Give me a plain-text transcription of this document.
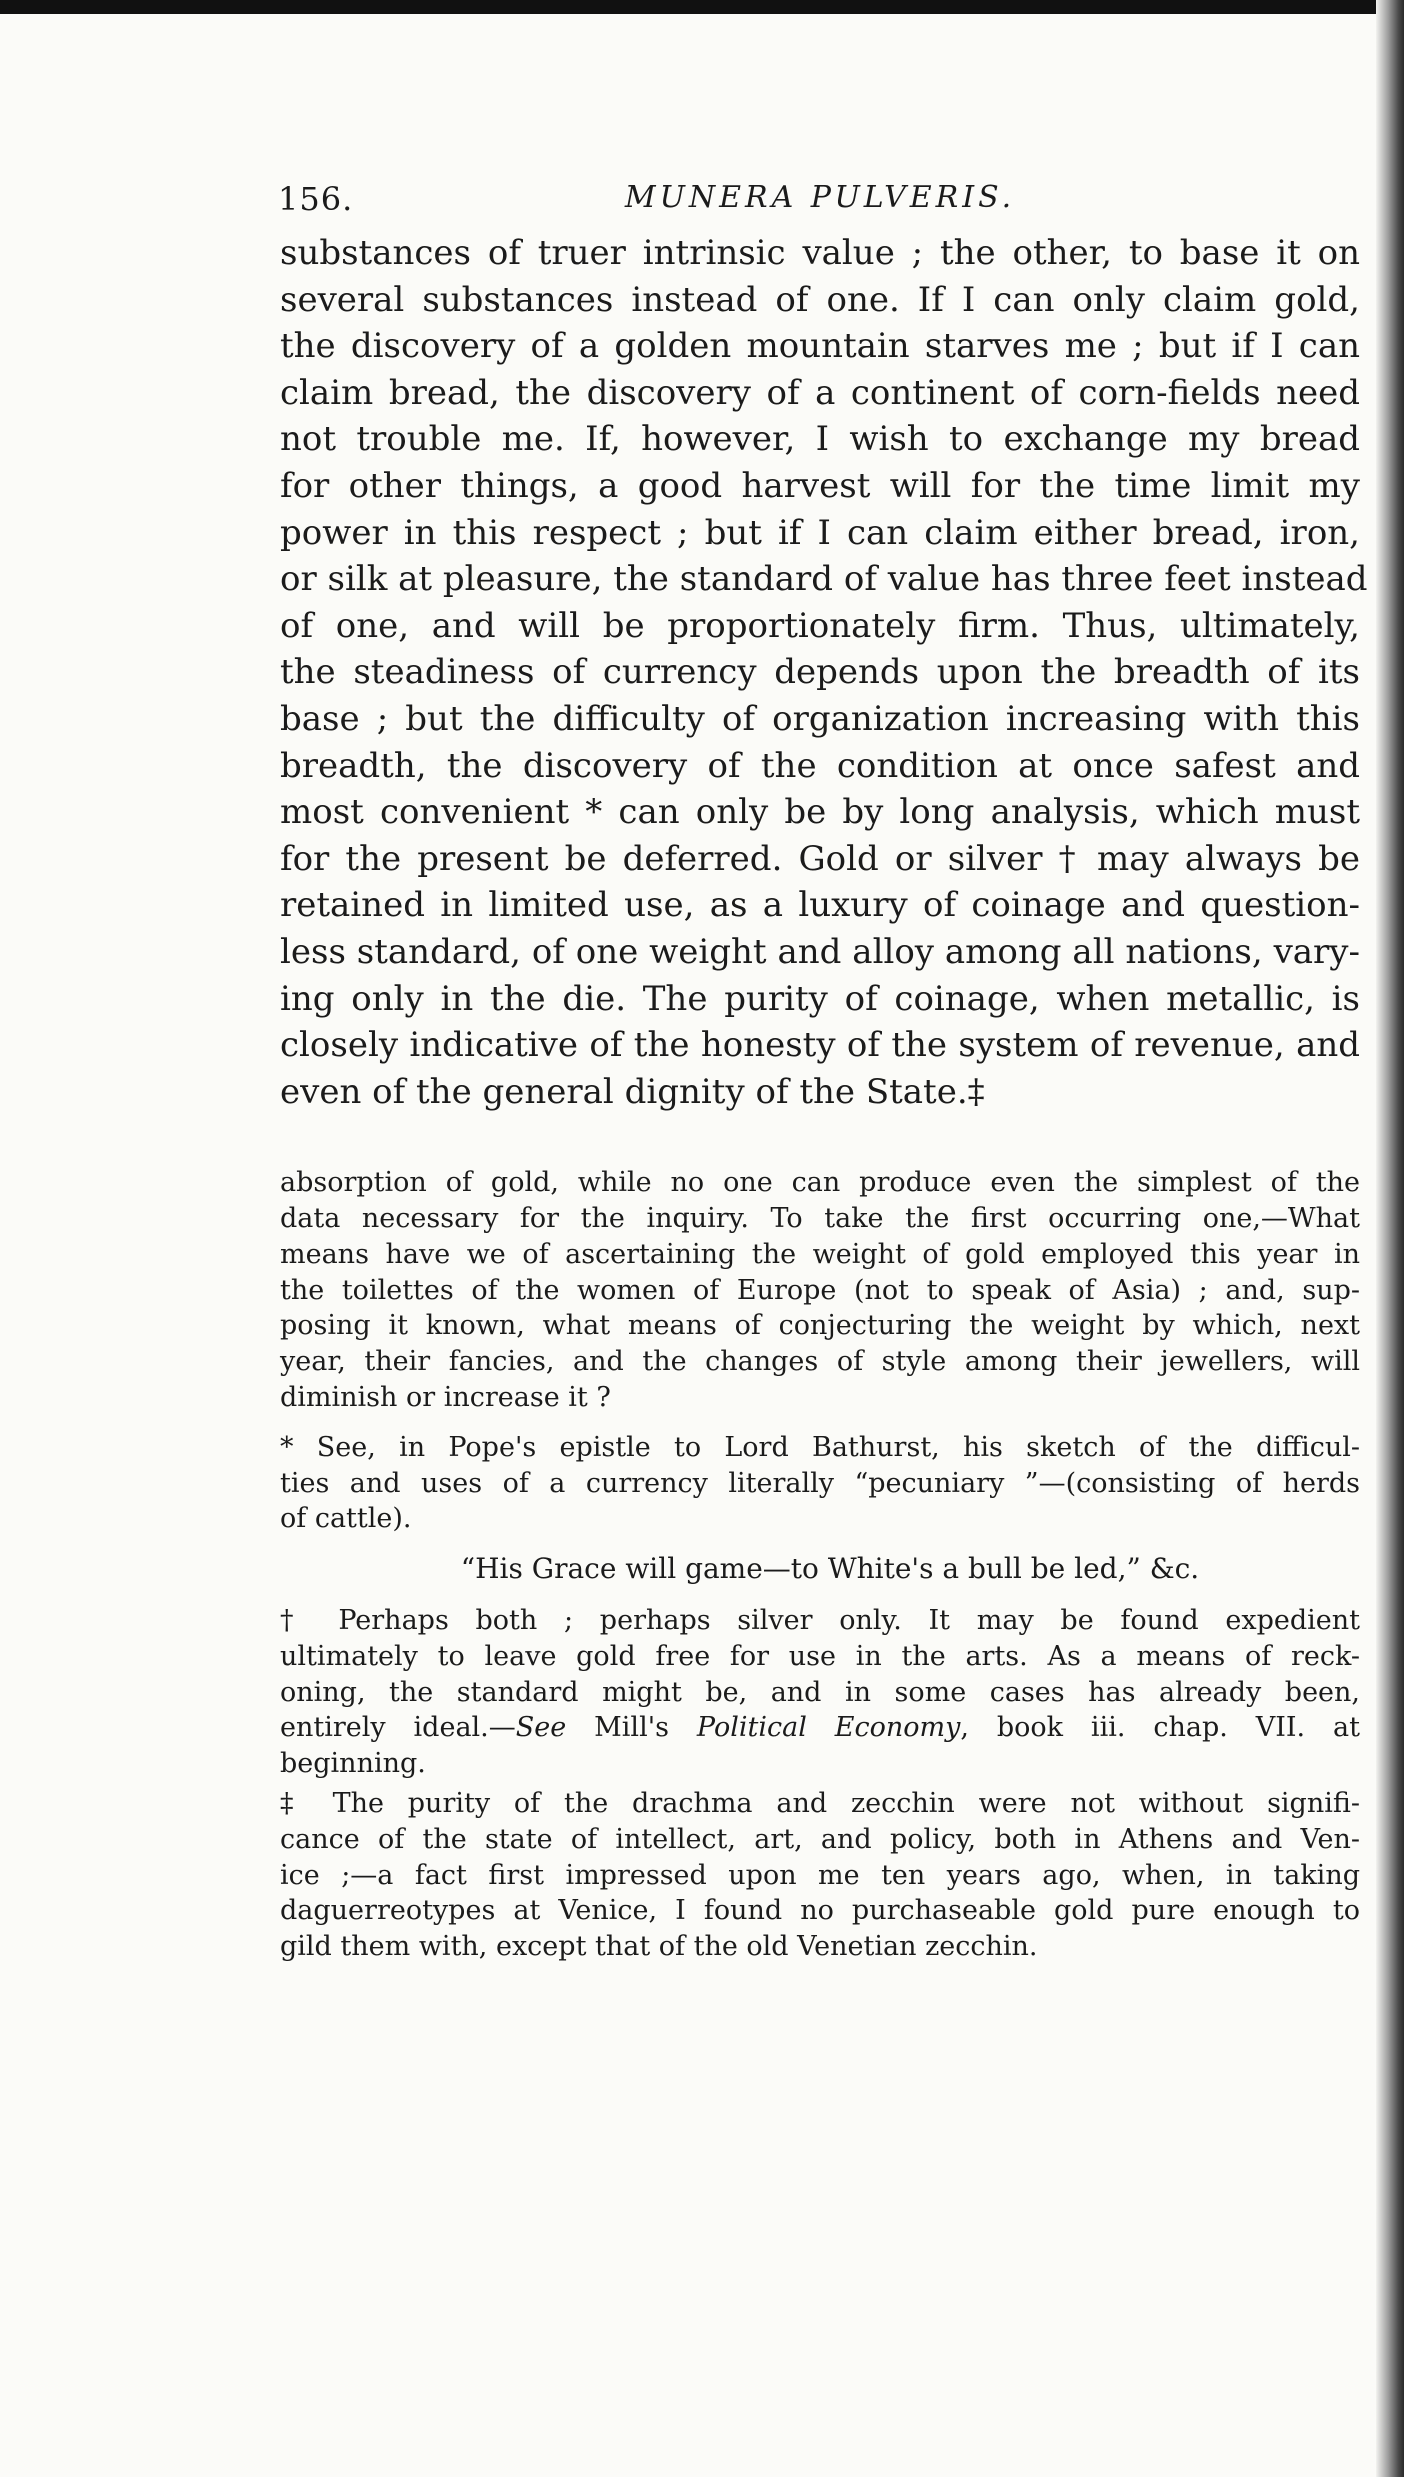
156.	MUNERA PULVERIS.
substances of truer intrinsic value ; the other, to base it on
several substances instead of one. If I can only claim gold,
the discovery of a golden mountain starves me ; but if I can
claim bread, the discovery of a continent of corn-fields need
not trouble me. If, however, I wish to exchange my bread
for other things, a good harvest will for the time limit my
power in this respect ; but if I can claim either bread, iron,
or silk at pleasure, the standard of value has three feet instead
of one, and will be proportionately firm. Thus, ultimately,
the steadiness of currency depends upon the breadth of its
base ; but the difficulty of organization increasing with this
breadth, the discovery of the condition at once safest and
most convenient * can only be by long analysis, which must
for the present be deferred. Gold or silver † may always be
retained in limited use, as a luxury of coinage and question-
less standard, of one weight and alloy among all nations, vary-
ing only in the die. The purity of coinage, when metallic, is
closely indicative of the honesty of the system of revenue, and
even of the general dignity of the State.‡
absorption of gold, while no one can produce even the simplest of the
data necessary for the inquiry. To take the first occurring one,—What
means have we of ascertaining the weight of gold employed this year in
the toilettes of the women of Europe (not to speak of Asia) ; and, sup-
posing it known, what means of conjecturing the weight by which, next
year, their fancies, and the changes of style among their jewellers, will
diminish or increase it ?
* See, in Pope's epistle to Lord Bathurst, his sketch of the difficul-
ties and uses of a currency literally “pecuniary ”—(consisting of herds
of cattle).
“His Grace will game—to White's a bull be led,” &c.
† Perhaps both ; perhaps silver only. It may be found expedient
ultimately to leave gold free for use in the arts. As a means of reck-
oning, the standard might be, and in some cases has already been,
entirely ideal.—See Mill's Political Economy, book iii. chap. VII. at
beginning.
‡ The purity of the drachma and zecchin were not without signifi-
cance of the state of intellect, art, and policy, both in Athens and Ven-
ice ;—a fact first impressed upon me ten years ago, when, in taking
daguerreotypes at Venice, I found no purchaseable gold pure enough to
gild them with, except that of the old Venetian zecchin.
